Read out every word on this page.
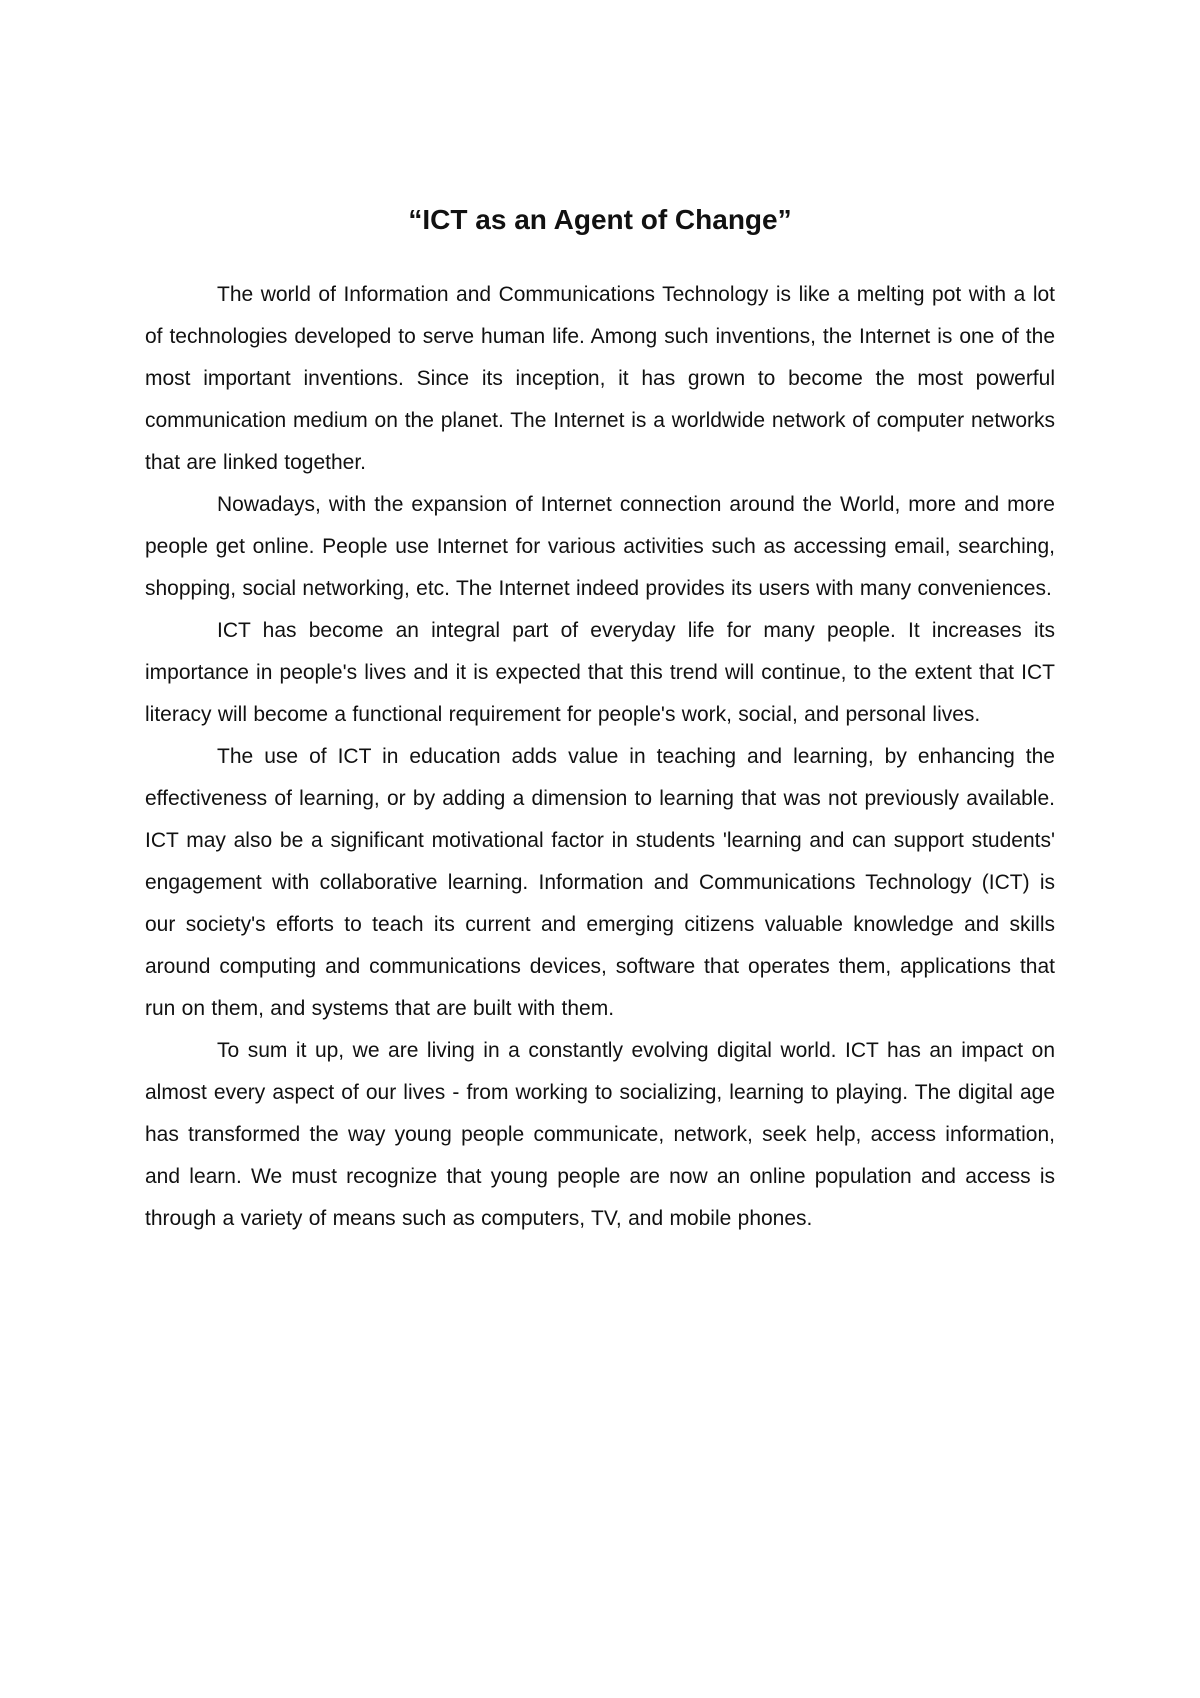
“ICT as an Agent of Change”

The world of Information and Communications Technology is like a melting pot with a lot of technologies developed to serve human life. Among such inventions, the Internet is one of the most important inventions. Since its inception, it has grown to become the most powerful communication medium on the planet. The Internet is a worldwide network of computer networks that are linked together.

Nowadays, with the expansion of Internet connection around the World, more and more people get online. People use Internet for various activities such as accessing email, searching, shopping, social networking, etc. The Internet indeed provides its users with many conveniences.

ICT has become an integral part of everyday life for many people. It increases its importance in people's lives and it is expected that this trend will continue, to the extent that ICT literacy will become a functional requirement for people's work, social, and personal lives.

The use of ICT in education adds value in teaching and learning, by enhancing the effectiveness of learning, or by adding a dimension to learning that was not previously available. ICT may also be a significant motivational factor in students 'learning and can support students' engagement with collaborative learning. Information and Communications Technology (ICT) is our society's efforts to teach its current and emerging citizens valuable knowledge and skills around computing and communications devices, software that operates them, applications that run on them, and systems that are built with them.

To sum it up, we are living in a constantly evolving digital world. ICT has an impact on almost every aspect of our lives - from working to socializing, learning to playing. The digital age has transformed the way young people communicate, network, seek help, access information, and learn. We must recognize that young people are now an online population and access is through a variety of means such as computers, TV, and mobile phones.
